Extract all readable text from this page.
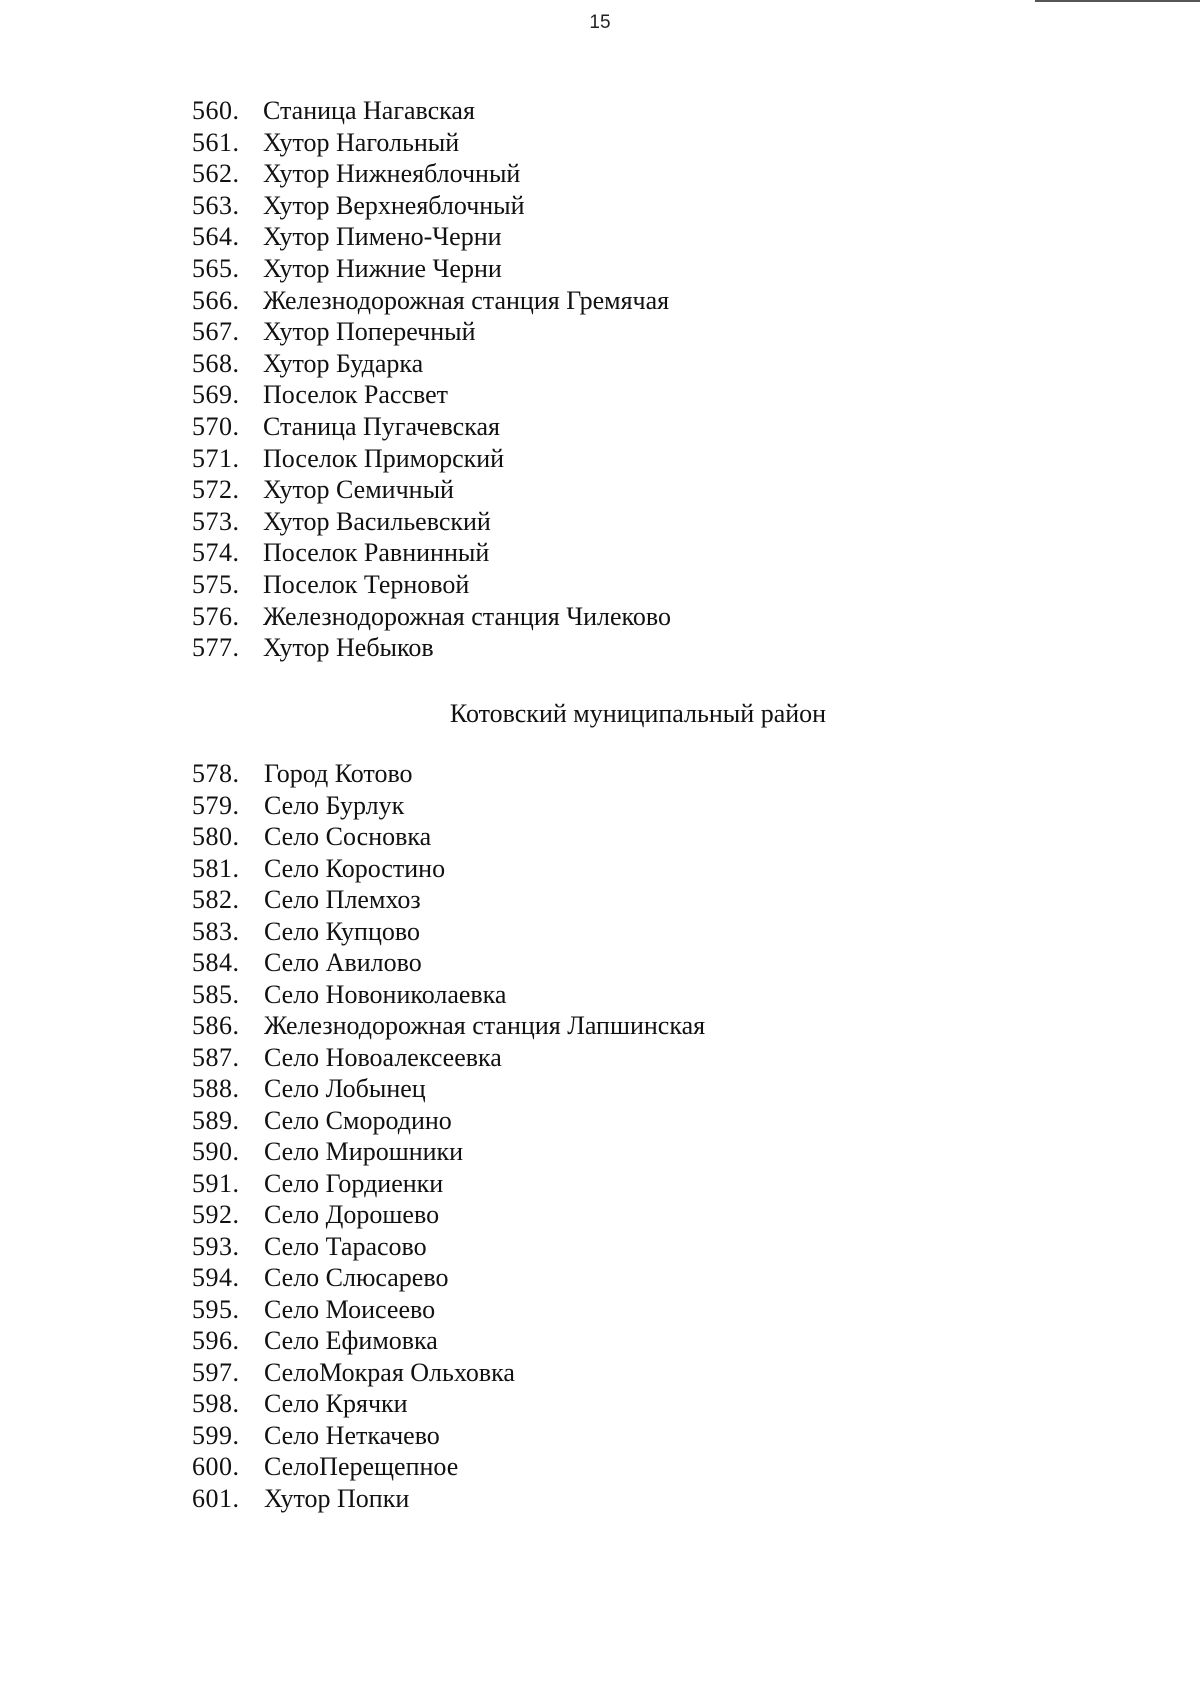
15
560. Станица Нагавская
561. Хутор Нагольный
562. Хутор Нижнеяблочный
563. Хутор Верхнеяблочный
564. Хутор Пимено-Черни
565. Хутор Нижние Черни
566. Железнодорожная станция Гремячая
567. Хутор Поперечный
568. Хутор Бударка
569. Поселок Рассвет
570. Станица Пугачевская
571. Поселок Приморский
572. Хутор Семичный
573. Хутор Васильевский
574. Поселок Равнинный
575. Поселок Терновой
576. Железнодорожная станция Чилеково
577. Хутор Небыков
Котовский муниципальный район
578. Город Котово
579. Село Бурлук
580. Село Сосновка
581. Село Коростино
582. Село Племхоз
583. Село Купцово
584. Село Авилово
585. Село Новониколаевка
586. Железнодорожная станция Лапшинская
587. Село Новоалексеевка
588. Село Лобынец
589. Село Смородино
590. Село Мирошники
591. Село Гордиенки
592. Село Дорошево
593. Село Тарасово
594. Село Слюсарево
595. Село Моисеево
596. Село Ефимовка
597. СелоМокрая Ольховка
598. Село Крячки
599. Село Неткачево
600. СелоПерещепное
601. Хутор Попки
